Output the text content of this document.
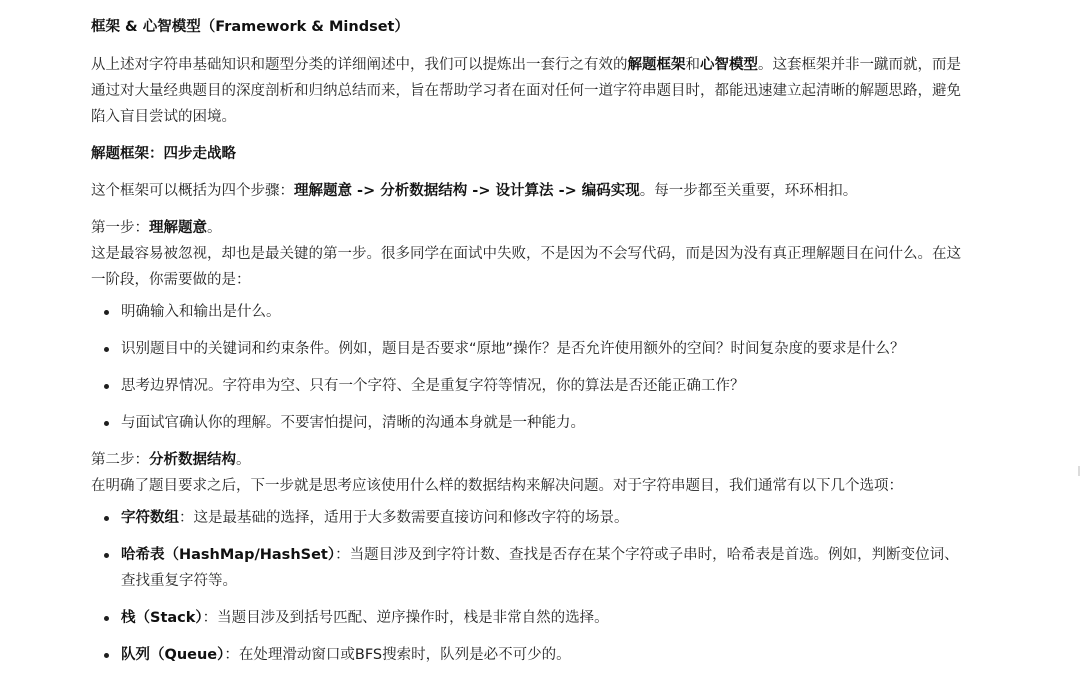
框架 & 心智模型（Framework & Mindset）

从上述对字符串基础知识和题型分类的详细阐述中，我们可以提炼出一套行之有效的解题框架和心智模型。这套框架并非一蹴而就，而是通过对大量经典题目的深度剖析和归纳总结而来，旨在帮助学习者在面对任何一道字符串题目时，都能迅速建立起清晰的解题思路，避免陷入盲目尝试的困境。

解题框架：四步走战略

这个框架可以概括为四个步骤：理解题意 -> 分析数据结构 -> 设计算法 -> 编码实现。每一步都至关重要，环环相扣。

第一步：理解题意。

这是最容易被忽视，却也是最关键的第一步。很多同学在面试中失败，不是因为不会写代码，而是因为没有真正理解题目在问什么。在这一阶段，你需要做的是：

明确输入和输出是什么。
识别题目中的关键词和约束条件。例如，题目是否要求“原地”操作？是否允许使用额外的空间？时间复杂度的要求是什么？
思考边界情况。字符串为空、只有一个字符、全是重复字符等情况，你的算法是否还能正确工作？
与面试官确认你的理解。不要害怕提问，清晰的沟通本身就是一种能力。

第二步：分析数据结构。

在明确了题目要求之后，下一步就是思考应该使用什么样的数据结构来解决问题。对于字符串题目，我们通常有以下几个选项：

字符数组：这是最基础的选择，适用于大多数需要直接访问和修改字符的场景。
哈希表（HashMap/HashSet）：当题目涉及到字符计数、查找是否存在某个字符或子串时，哈希表是首选。例如，判断变位词、查找重复字符等。
栈（Stack）：当题目涉及到括号匹配、逆序操作时，栈是非常自然的选择。
队列（Queue）：在处理滑动窗口或BFS搜索时，队列是必不可少的。
